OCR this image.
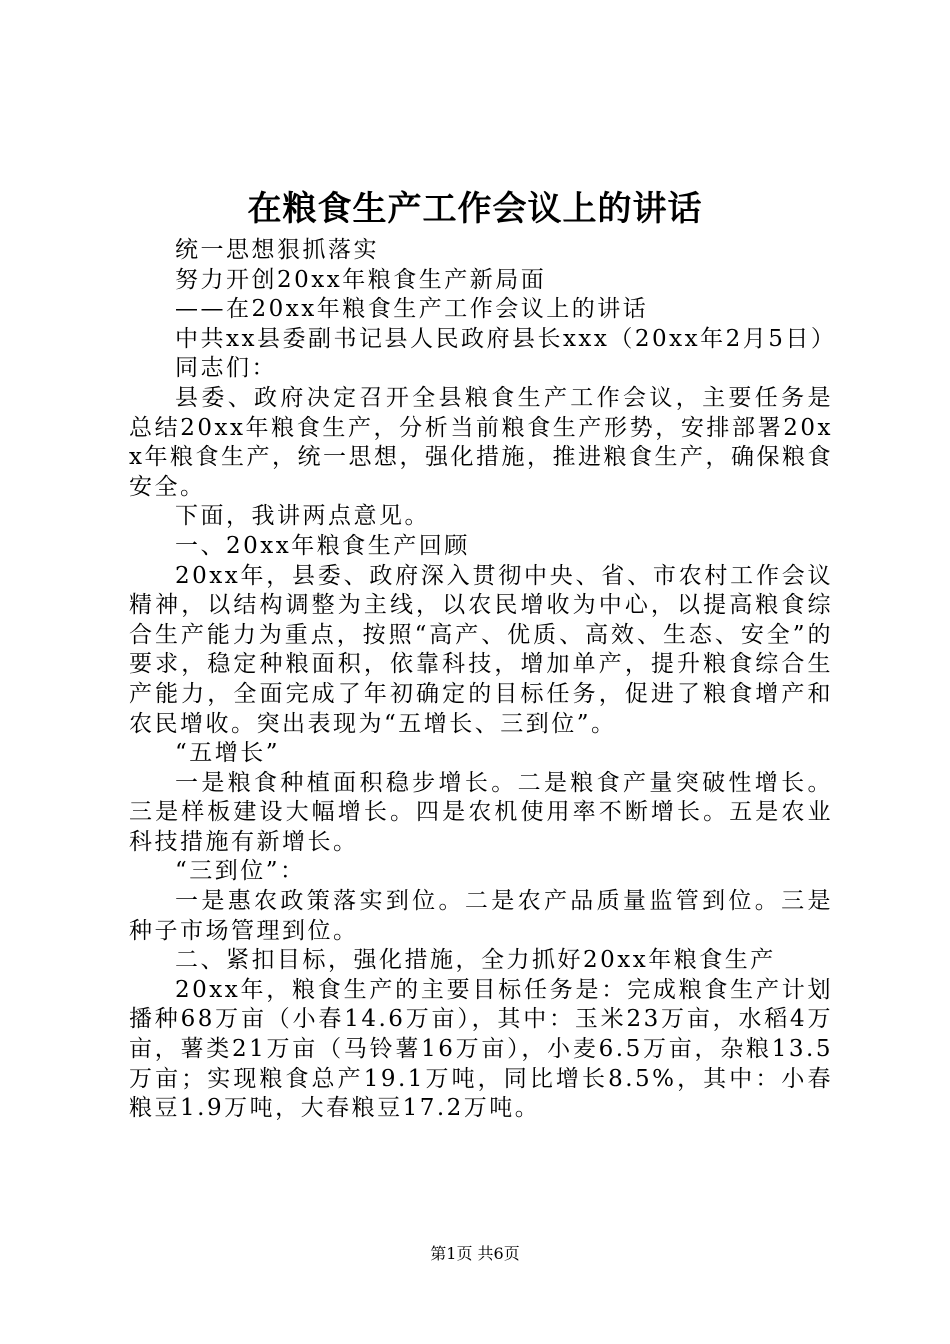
在粮食生产工作会议上的讲话

统一思想狠抓落实

努力开创20xx年粮食生产新局面

——在20xx年粮食生产工作会议上的讲话

中共xx县委副书记县人民政府县长xxx（20xx年2月5日）

同志们：

县委、政府决定召开全县粮食生产工作会议，主要任务是总结20xx年粮食生产，分析当前粮食生产形势，安排部署20xx年粮食生产，统一思想，强化措施，推进粮食生产，确保粮食安全。

下面，我讲两点意见。

一、20xx年粮食生产回顾

20xx年，县委、政府深入贯彻中央、省、市农村工作会议精神，以结构调整为主线，以农民增收为中心，以提高粮食综合生产能力为重点，按照“高产、优质、高效、生态、安全”的要求，稳定种粮面积，依靠科技，增加单产，提升粮食综合生产能力，全面完成了年初确定的目标任务，促进了粮食增产和农民增收。突出表现为“五增长、三到位”。

“五增长”

一是粮食种植面积稳步增长。二是粮食产量突破性增长。三是样板建设大幅增长。四是农机使用率不断增长。五是农业科技措施有新增长。

“三到位”：

一是惠农政策落实到位。二是农产品质量监管到位。三是种子市场管理到位。

二、紧扣目标，强化措施，全力抓好20xx年粮食生产

20xx年，粮食生产的主要目标任务是：完成粮食生产计划播种68万亩（小春14.6万亩），其中：玉米23万亩，水稻4万亩，薯类21万亩（马铃薯16万亩），小麦6.5万亩，杂粮13.5万亩；实现粮食总产19.1万吨，同比增长8.5%，其中：小春粮豆1.9万吨，大春粮豆17.2万吨。

第1页 共6页
